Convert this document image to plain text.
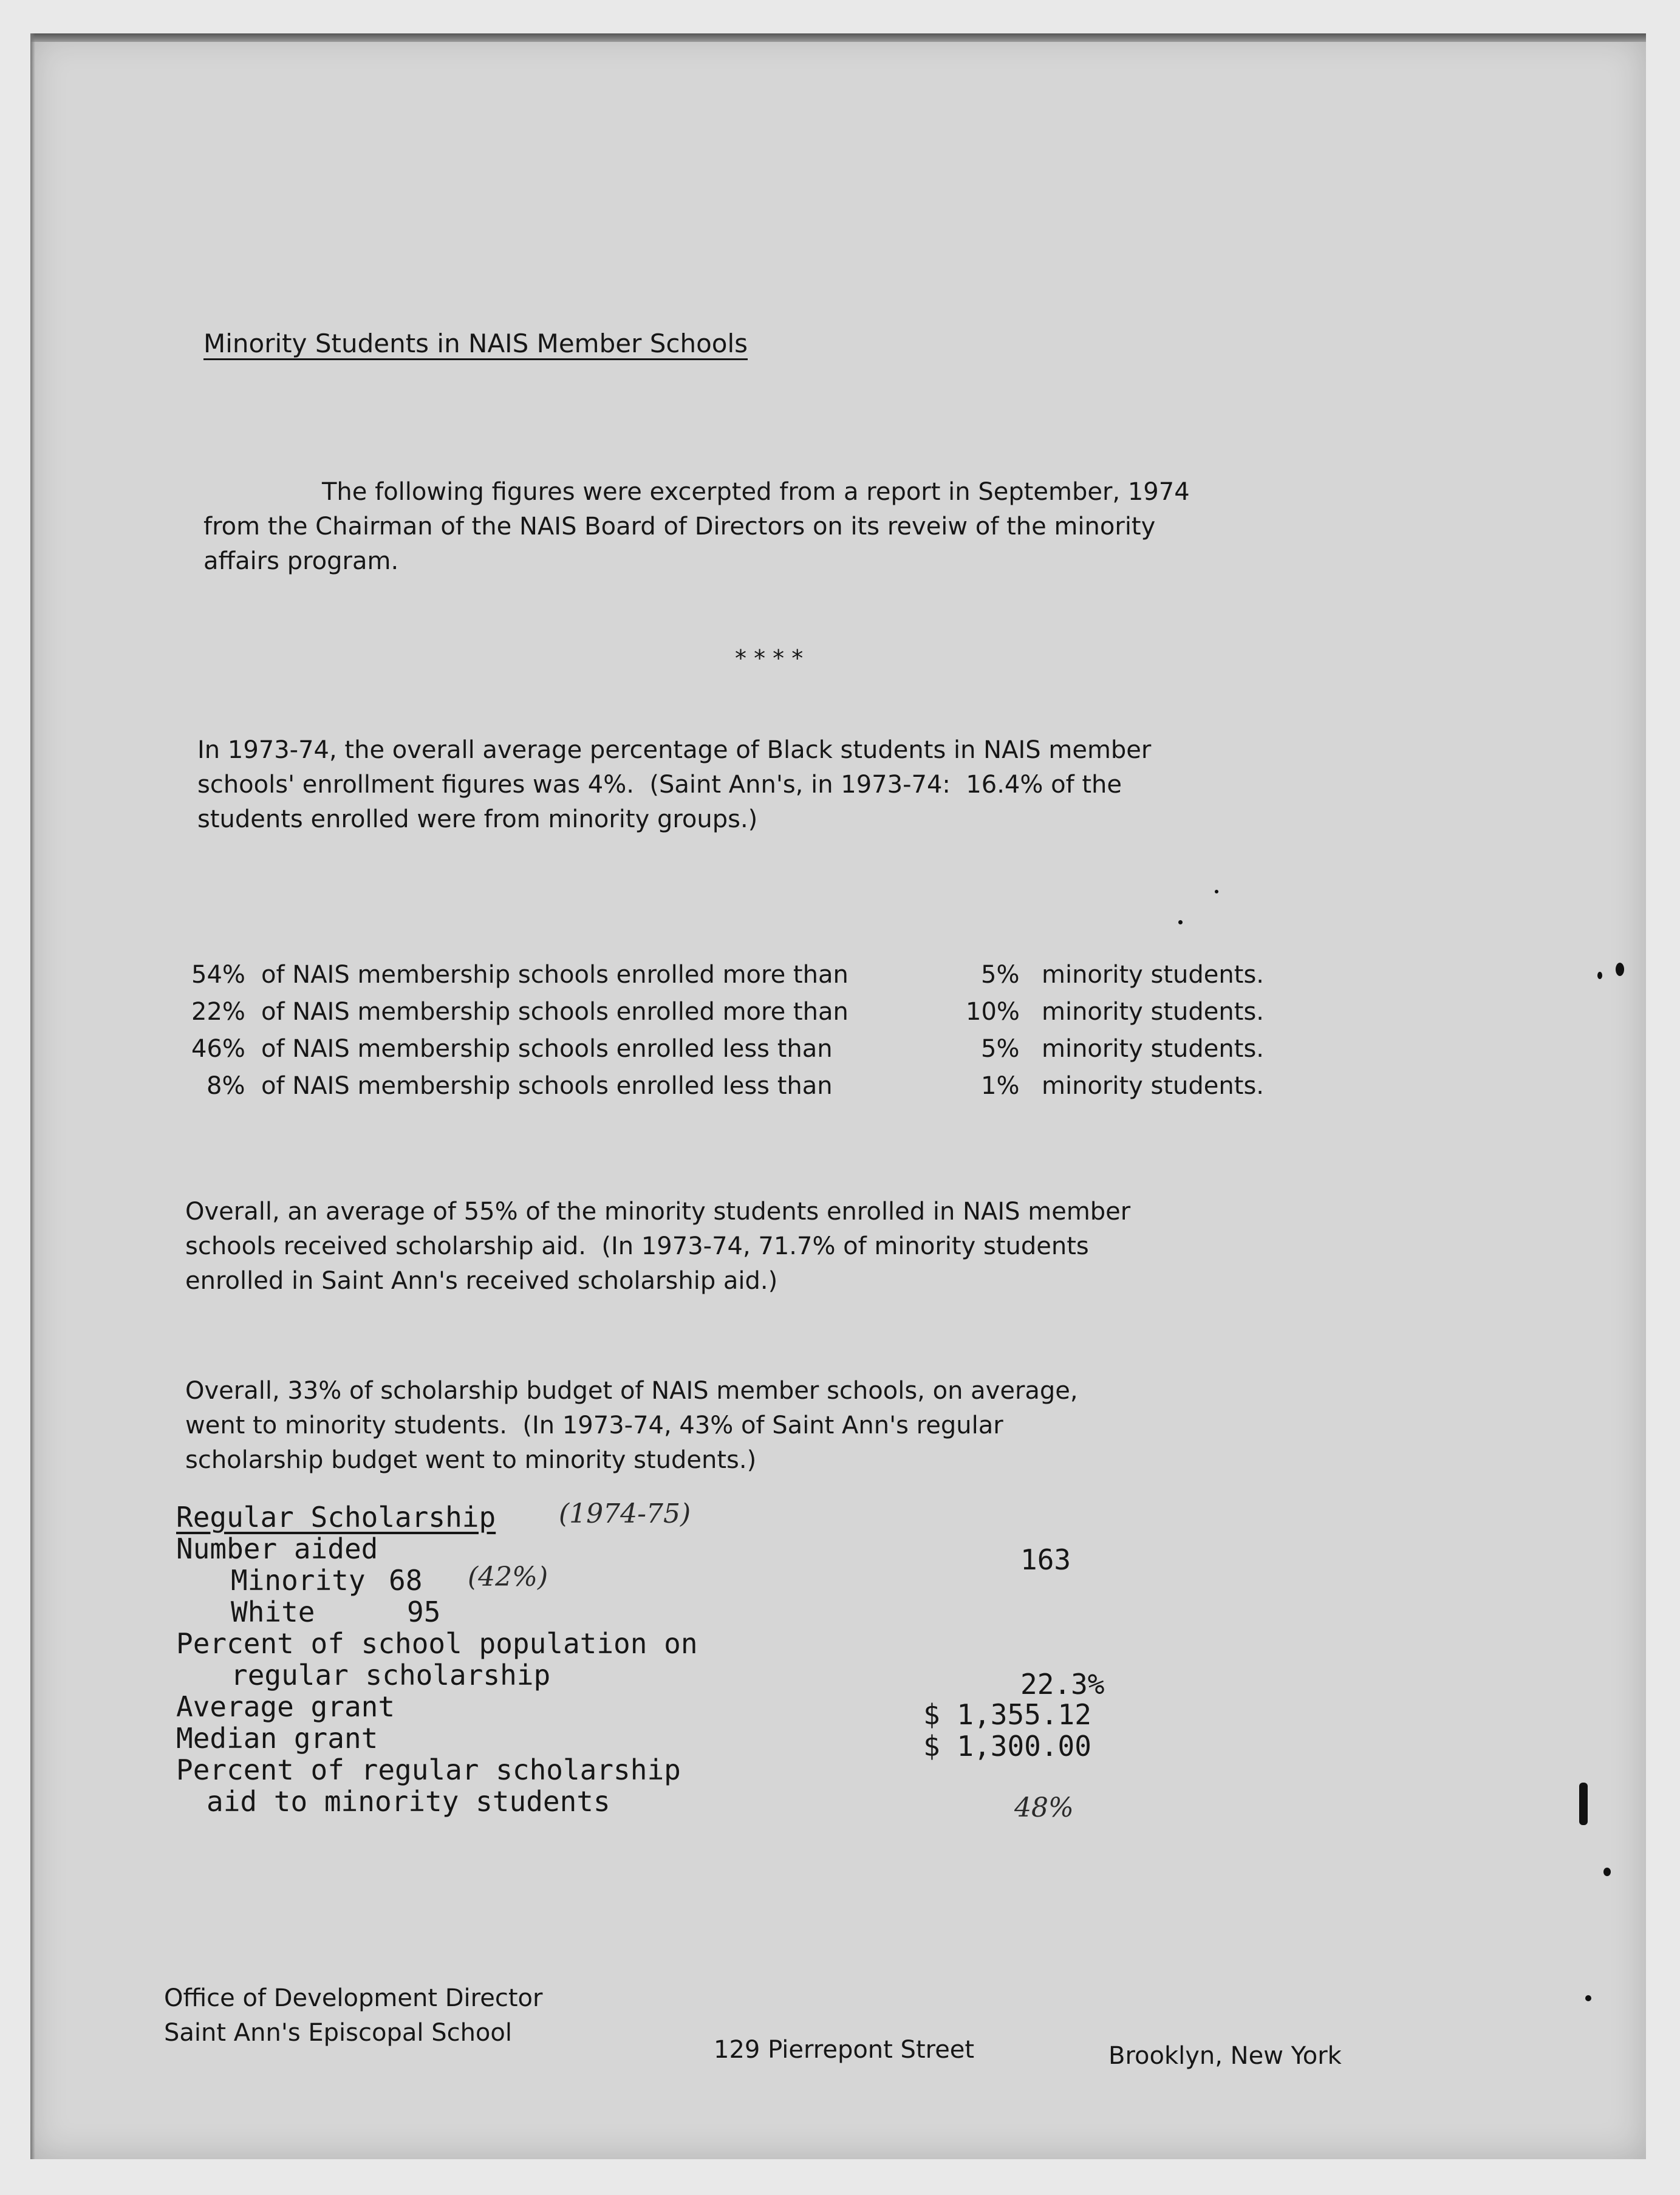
Minority Students in NAIS Member Schools
The following figures were excerpted from a report in September, 1974
from the Chairman of the NAIS Board of Directors on its reveiw of the minority
affairs program.
* * * *
In 1973-74, the overall average percentage of Black students in NAIS member
schools' enrollment figures was 4%.  (Saint Ann's, in 1973-74:  16.4% of the
students enrolled were from minority groups.)
54% of NAIS membership schools enrolled more than	5% minority students.
22% of NAIS membership schools enrolled more than	10% minority students.
46% of NAIS membership schools enrolled less than	5% minority students.
8% of NAIS membership schools enrolled less than	1% minority students.
Overall, an average of 55% of the minority students enrolled in NAIS member
schools received scholarship aid.  (In 1973-74, 71.7% of minority students
enrolled in Saint Ann's received scholarship aid.)
Overall, 33% of scholarship budget of NAIS member schools, on average,
went to minority students.  (In 1973-74, 43% of Saint Ann's regular
scholarship budget went to minority students.)
Regular Scholarship (1974-75)
Number aided	163
Minority 68 (42%)
White	95
Percent of school population on
regular scholarship	22.3%
Average grant	$ 1,355.12
Median grant	$ 1,300.00
Percent of regular scholarship
aid to minority students	48%
Office of Development Director
Saint Ann's Episcopal School
129 Pierrepont Street	Brooklyn, New York
